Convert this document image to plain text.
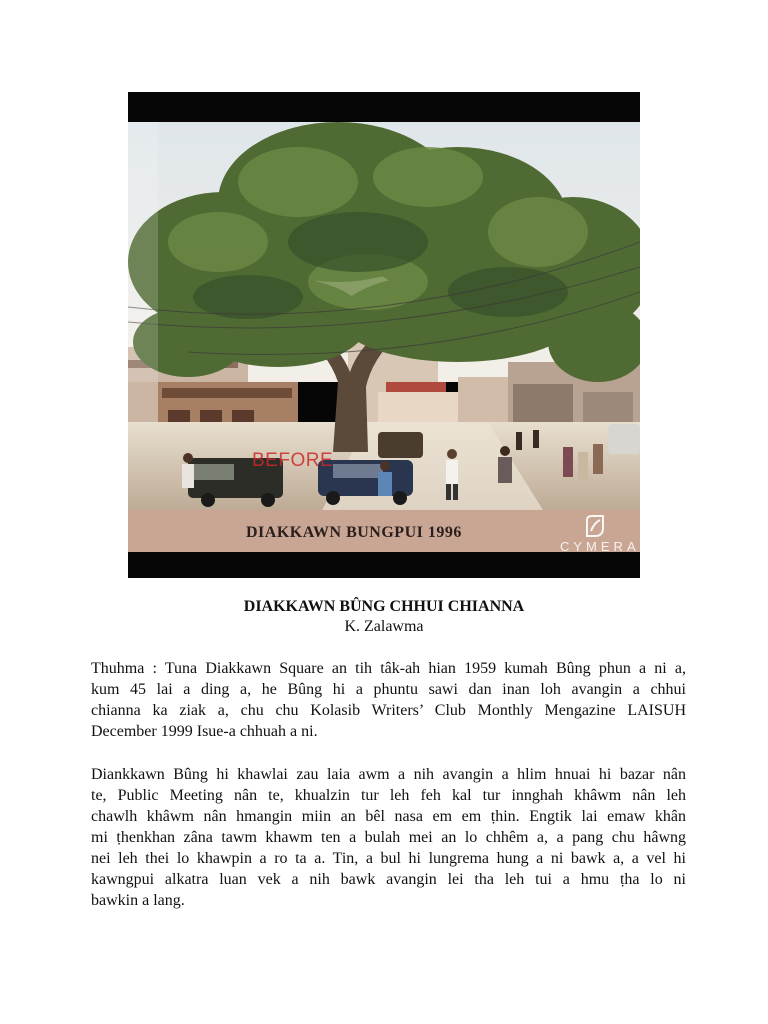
DIAKKAWN BUNGPUI 1996
BEFORE
CYMERA
DIAKKAWN BÛNG CHHUI CHIANNA
K. Zalawma
Thuhma : Tuna Diakkawn Square an tih tâk-ah hian 1959 kumah Bûng phun a ni a,
kum 45 lai a ding a, he Bûng hi a phuntu sawi dan inan loh avangin a chhui
chianna ka ziak a, chu chu Kolasib Writers’ Club Monthly Mengazine LAISUH
December 1999 Isue-a chhuah a ni.
Diankkawn Bûng hi khawlai zau laia awm a nih avangin a hlim hnuai hi bazar nân
te, Public Meeting nân te, khualzin tur leh feh kal tur innghah khâwm nân leh
chawlh khâwm nân hmangin miin an bêl nasa em em ṭhin. Engtik lai emaw khân
mi ṭhenkhan zâna tawm khawm ten a bulah mei an lo chhêm a, a pang chu hâwng
nei leh thei lo khawpin a ro ta a. Tin, a bul hi lungrema hung a ni bawk a, a vel hi
kawngpui alkatra luan vek a nih bawk avangin lei tha leh tui a hmu ṭha lo ni
bawkin a lang.
